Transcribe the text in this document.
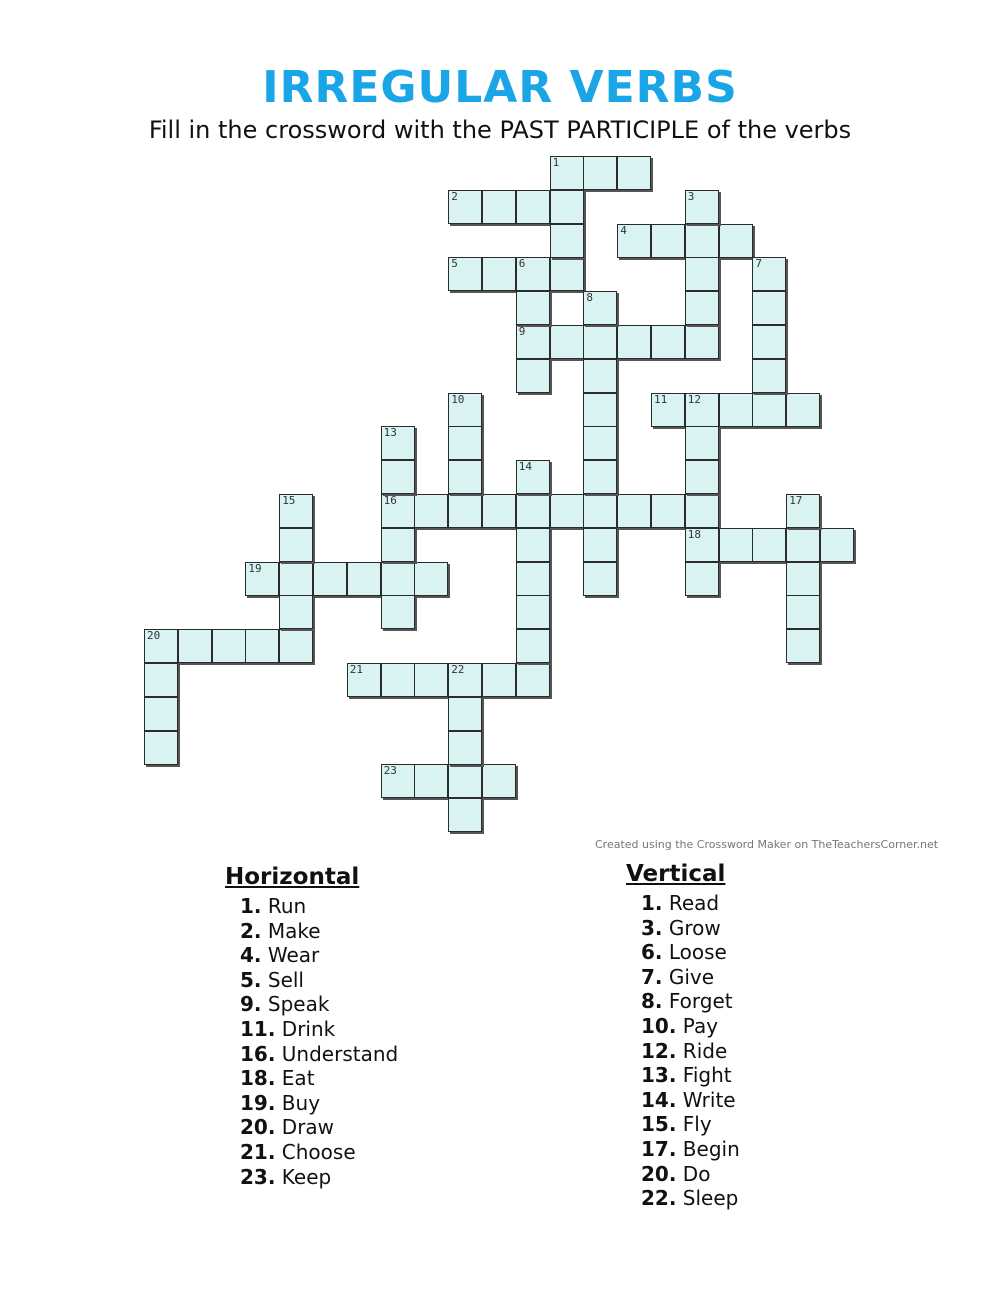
IRREGULAR VERBS
Fill in the crossword with the PAST PARTICIPLE of the verbs
1
2
4
5	6
9
11 12
16
18
19
20
21	22
23
3
7
8
10
13
14
15	17
Created using the Crossword Maker on TheTeachersCorner.net
Horizontal
1. Run
2. Make
4. Wear
5. Sell
9. Speak
11. Drink
16. Understand
18. Eat
19. Buy
20. Draw
21. Choose
23. Keep
Vertical
1. Read
3. Grow
6. Loose
7. Give
8. Forget
10. Pay
12. Ride
13. Fight
14. Write
15. Fly
17. Begin
20. Do
22. Sleep
